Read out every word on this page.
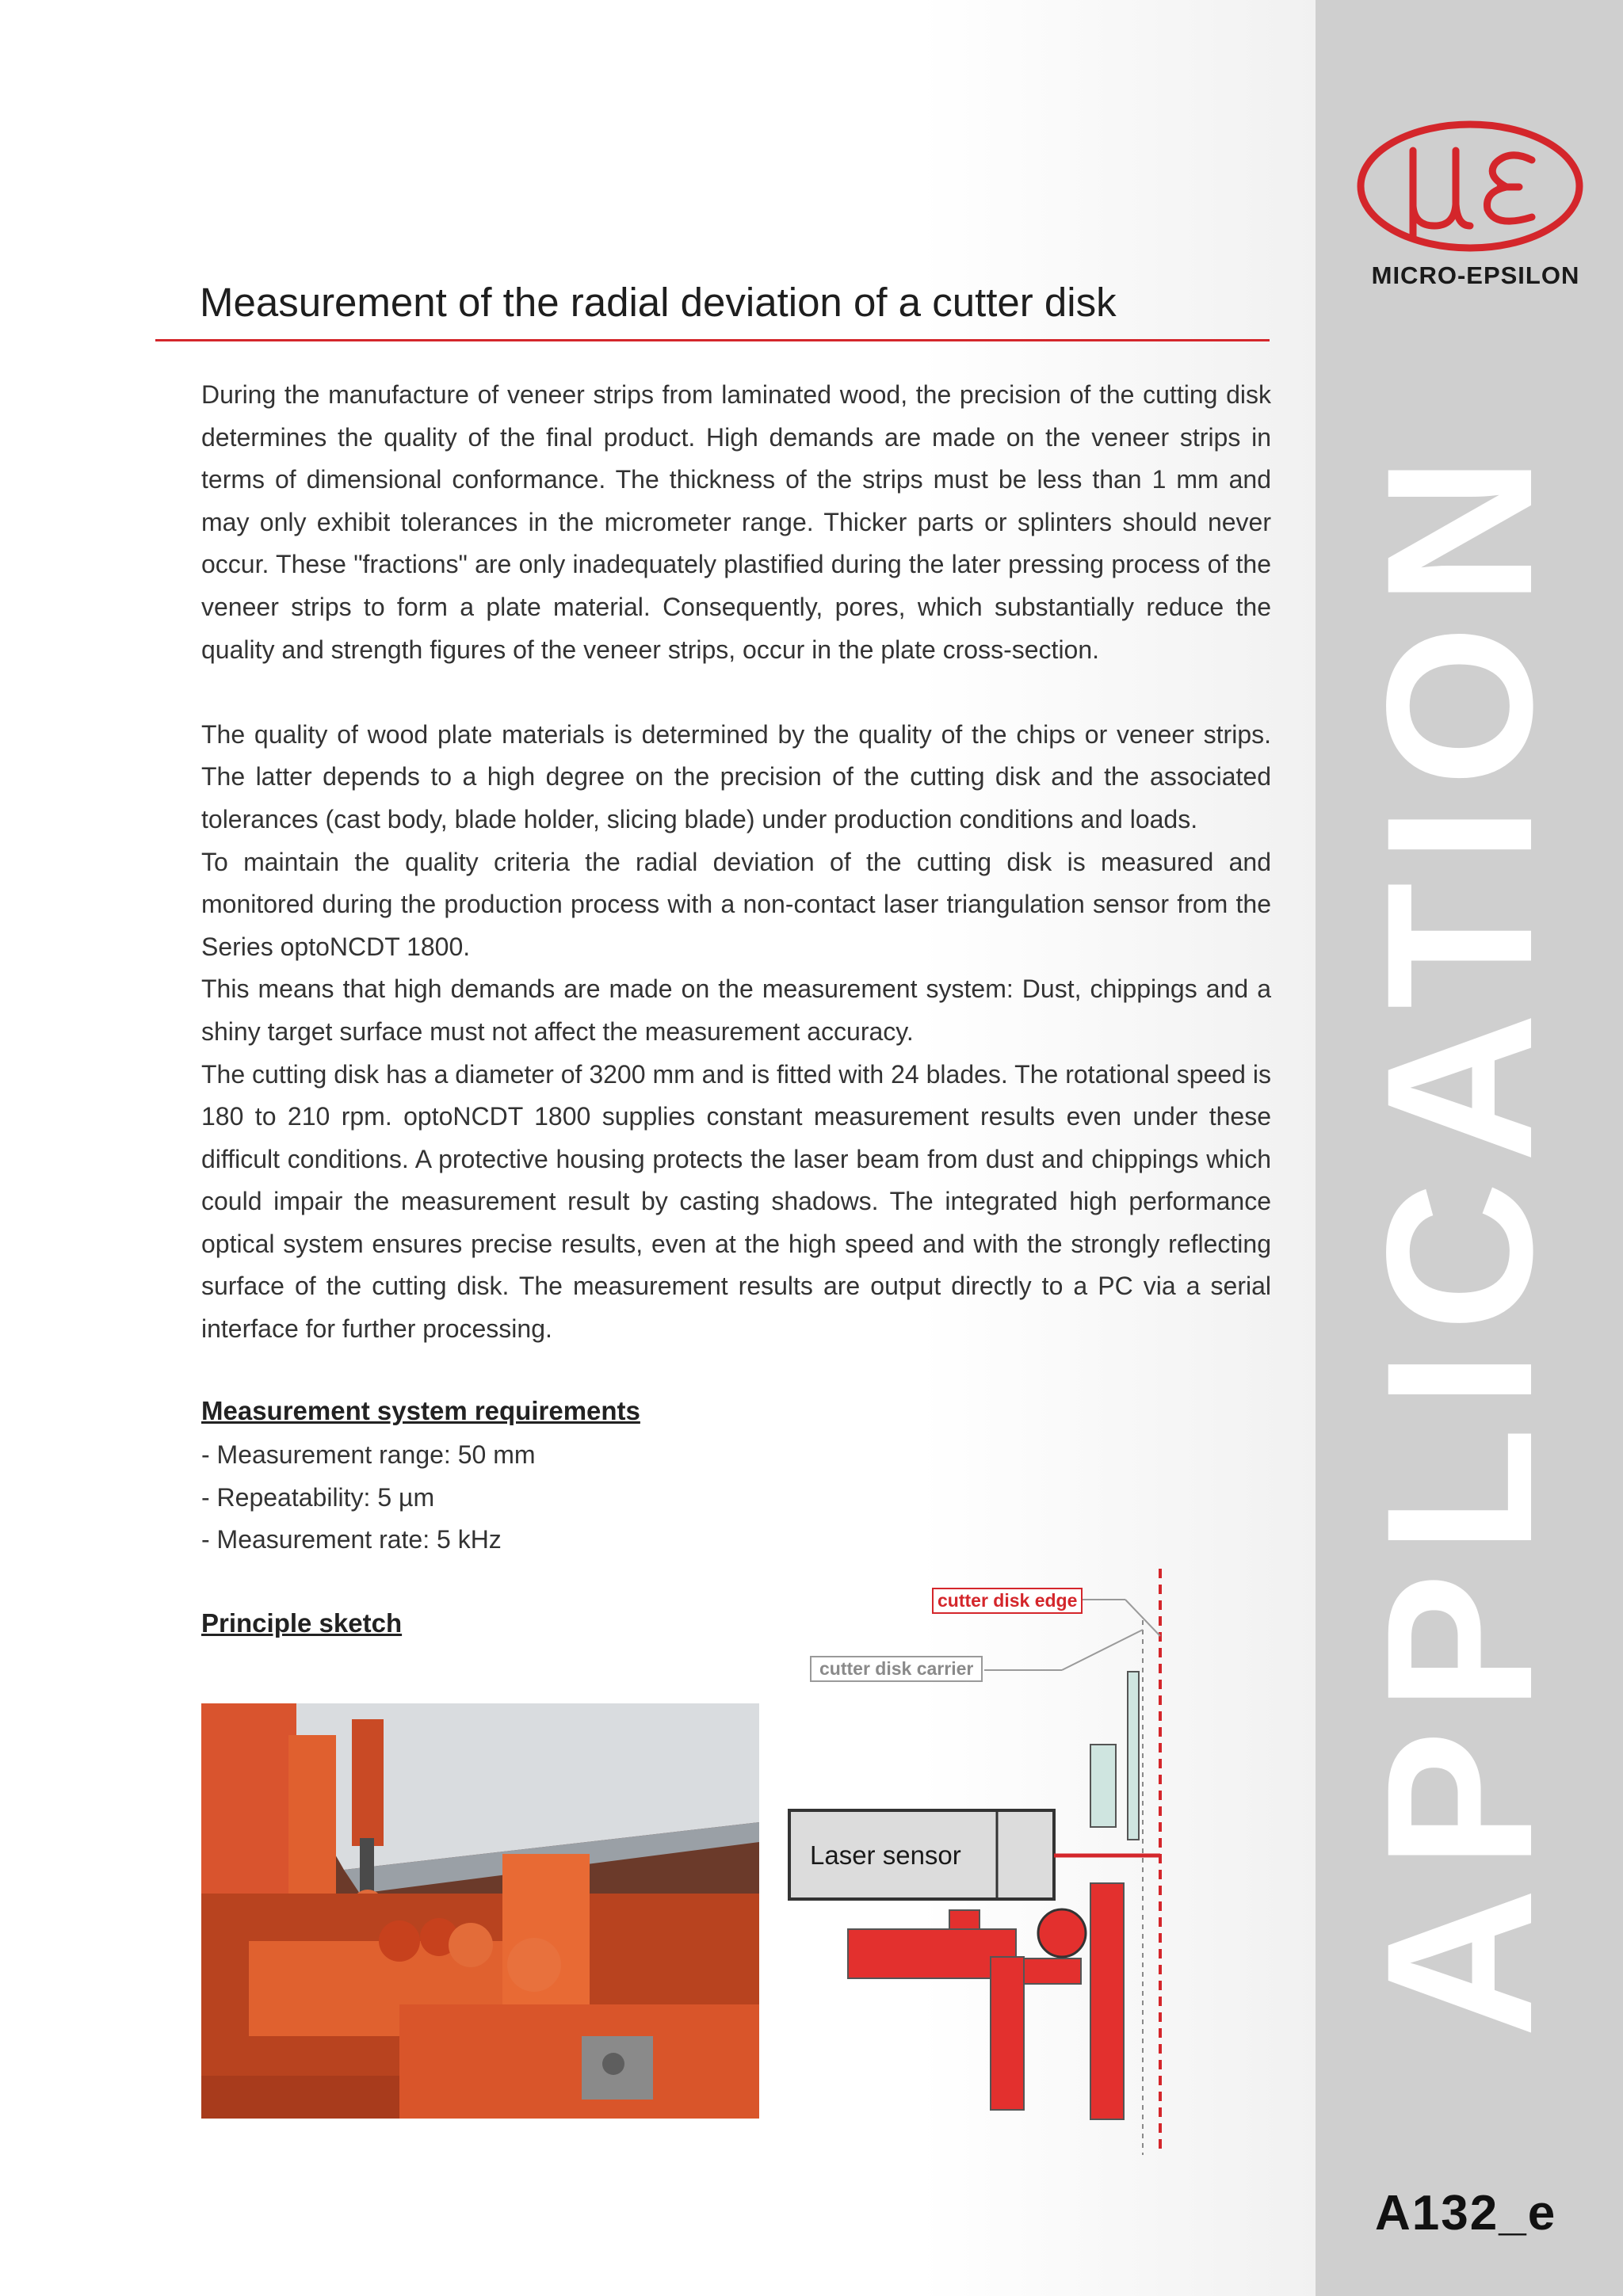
MICRO-EPSILON
APPLICATION
A132_e
Measurement of the radial deviation of a cutter disk

During the manufacture of veneer strips from laminated wood, the precision of the cutting disk determines the quality of the final product. High demands are made on the veneer strips in terms of dimensional conformance. The thickness of the strips must be less than 1 mm and may only exhibit tolerances in the micrometer range. Thicker parts or splinters should never occur. These "fractions" are only inadequately plastified during the later pressing process of the veneer strips to form a plate material. Consequently, pores, which substantially reduce the quality and strength figures of the veneer strips, occur in the plate cross-section.

The quality of wood plate materials is determined by the quality of the chips or veneer strips. The latter depends to a high degree on the precision of the cutting disk and the associated tolerances (cast body, blade holder, slicing blade) under production conditions and loads.

To maintain the quality criteria the radial deviation of the cutting disk is measured and monitored during the production process with a non-contact laser triangulation sensor from the Series optoNCDT 1800.

This means that high demands are made on the measurement system: Dust, chippings and a shiny target surface must not affect the measurement accuracy.

The cutting disk has a diameter of 3200 mm and is fitted with 24 blades. The rotational speed is 180 to 210 rpm. optoNCDT 1800 supplies constant measurement results even under these difficult conditions. A protective housing protects the laser beam from dust and chippings which could impair the measurement result by casting shadows. The integrated high performance optical system ensures precise results, even at the high speed and with the strongly reflecting surface of the cutting disk. The measurement results are output directly to a PC via a serial interface for further processing.

Measurement system requirements
- Measurement range: 50 mm
- Repeatability: 5 µm
- Measurement rate: 5 kHz
Principle sketch
cutter disk edge
cutter disk carrier
Laser sensor
